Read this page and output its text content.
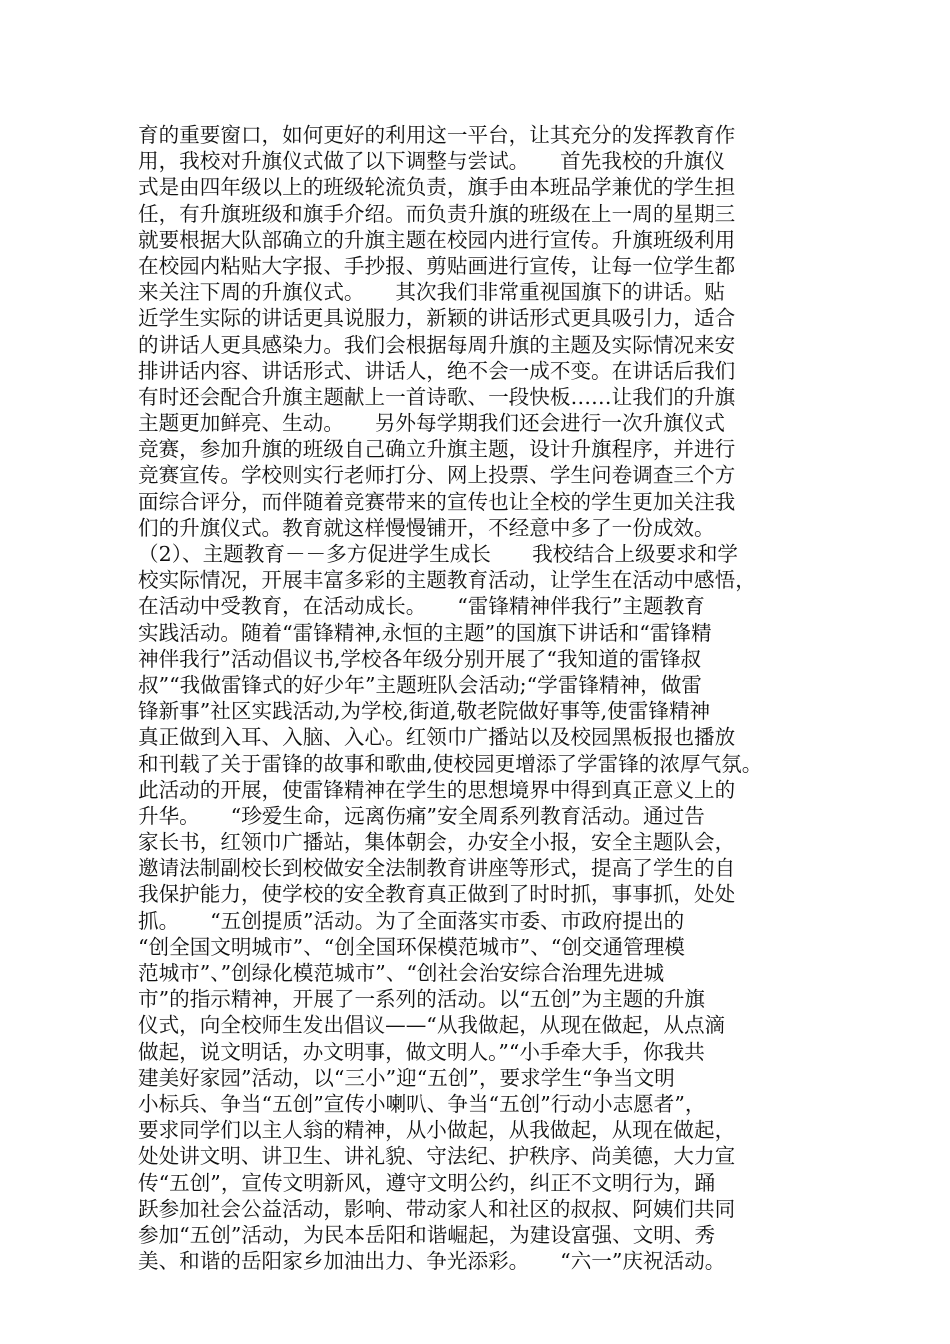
育的重要窗口，如何更好的利用这一平台，让其充分的发挥教育作
用，我校对升旗仪式做了以下调整与尝试。　　首先我校的升旗仪
式是由四年级以上的班级轮流负责，旗手由本班品学兼优的学生担
任，有升旗班级和旗手介绍。而负责升旗的班级在上一周的星期三
就要根据大队部确立的升旗主题在校园内进行宣传。升旗班级利用
在校园内粘贴大字报、手抄报、剪贴画进行宣传，让每一位学生都
来关注下周的升旗仪式。　　其次我们非常重视国旗下的讲话。贴
近学生实际的讲话更具说服力，新颖的讲话形式更具吸引力，适合
的讲话人更具感染力。我们会根据每周升旗的主题及实际情况来安
排讲话内容、讲话形式、讲话人，绝不会一成不变。在讲话后我们
有时还会配合升旗主题献上一首诗歌、一段快板……让我们的升旗
主题更加鲜亮、生动。　　另外每学期我们还会进行一次升旗仪式
竞赛，参加升旗的班级自己确立升旗主题，设计升旗程序，并进行
竞赛宣传。学校则实行老师打分、网上投票、学生问卷调查三个方
面综合评分，而伴随着竞赛带来的宣传也让全校的学生更加关注我
们的升旗仪式。教育就这样慢慢铺开，不经意中多了一份成效。
（2）、主题教育－－多方促进学生成长　　我校结合上级要求和学
校实际情况，开展丰富多彩的主题教育活动，让学生在活动中感悟，
在活动中受教育，在活动成长。　　“雷锋精神伴我行”主题教育
实践活动。随着“雷锋精神,永恒的主题”的国旗下讲话和“雷锋精
神伴我行”活动倡议书,学校各年级分别开展了“我知道的雷锋叔
叔”“我做雷锋式的好少年”主题班队会活动;“学雷锋精神，做雷
锋新事”社区实践活动,为学校,街道,敬老院做好事等,使雷锋精神
真正做到入耳、入脑、入心。红领巾广播站以及校园黑板报也播放
和刊载了关于雷锋的故事和歌曲,使校园更增添了学雷锋的浓厚气氛。
此活动的开展，使雷锋精神在学生的思想境界中得到真正意义上的
升华。　　“珍爱生命，远离伤痛”安全周系列教育活动。通过告
家长书，红领巾广播站，集体朝会，办安全小报，安全主题队会，
邀请法制副校长到校做安全法制教育讲座等形式，提高了学生的自
我保护能力，使学校的安全教育真正做到了时时抓，事事抓，处处
抓。　　“五创提质”活动。为了全面落实市委、市政府提出的
“创全国文明城市”、“创全国环保模范城市”、“创交通管理模
范城市”、”创绿化模范城市”、“创社会治安综合治理先进城
市”的指示精神，开展了一系列的活动。以“五创”为主题的升旗
仪式，向全校师生发出倡议——“从我做起，从现在做起，从点滴
做起，说文明话，办文明事，做文明人。”“小手牵大手，你我共
建美好家园”活动，以“三小”迎“五创”，要求学生“争当文明
小标兵、争当“五创”宣传小喇叭、争当“五创”行动小志愿者”，
要求同学们以主人翁的精神，从小做起，从我做起，从现在做起，
处处讲文明、讲卫生、讲礼貌、守法纪、护秩序、尚美德，大力宣
传“五创”，宣传文明新风，遵守文明公约，纠正不文明行为，踊
跃参加社会公益活动，影响、带动家人和社区的叔叔、阿姨们共同
参加“五创”活动，为民本岳阳和谐崛起，为建设富强、文明、秀
美、和谐的岳阳家乡加油出力、争光添彩。　　“六一”庆祝活动。
